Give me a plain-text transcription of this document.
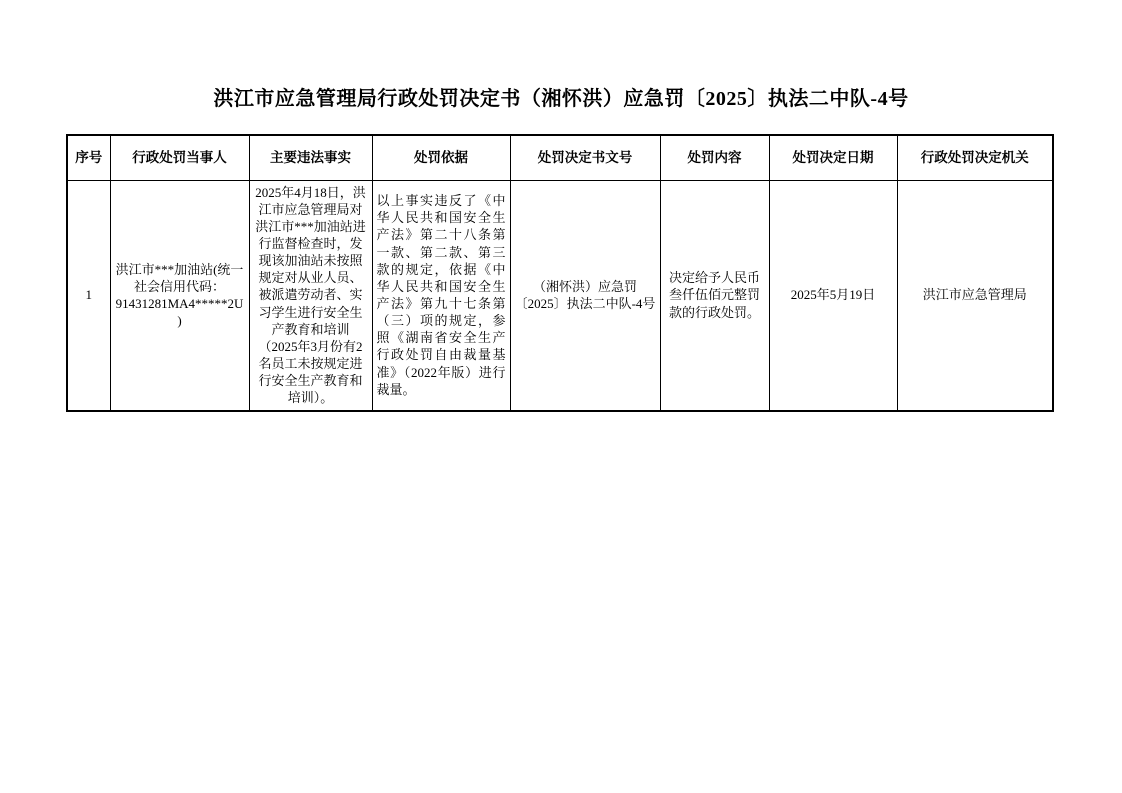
洪江市应急管理局行政处罚决定书（湘怀洪）应急罚〔2025〕执法二中队-4号
序号	行政处罚当事人	主要违法事实	处罚依据	处罚决定书文号	处罚内容	处罚决定日期	行政处罚决定机关
1	洪江市***加油站(统一社会信用代码：91431281MA4*****2U)	2025年4月18日，洪江市应急管理局对洪江市***加油站进行监督检查时，发现该加油站未按照规定对从业人员、被派遣劳动者、实习学生进行安全生产教育和培训（2025年3月份有2名员工未按规定进行安全生产教育和培训）。	以上事实违反了《中华人民共和国安全生产法》第二十八条第一款、第二款、第三款的规定，依据《中华人民共和国安全生产法》第九十七条第（三）项的规定，参照《湖南省安全生产行政处罚自由裁量基准》（2022年版）进行裁量。	（湘怀洪）应急罚〔2025〕执法二中队-4号	决定给予人民币叁仟伍佰元整罚款的行政处罚。	2025年5月19日	洪江市应急管理局
